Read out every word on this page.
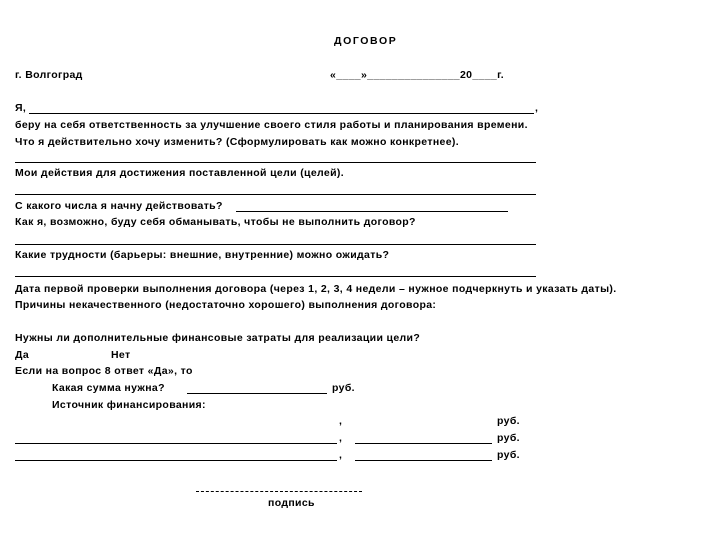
ДОГОВОР
г. Волгоград	«____»_______________20____г.
Я,	,
беру на себя ответственность за улучшение своего стиля работы и планирования времени.
Что я действительно хочу изменить? (Сформулировать как можно конкретнее).
Мои действия для достижения поставленной цели (целей).
С какого числа я начну действовать?
Как я, возможно, буду себя обманывать, чтобы не выполнить договор?
Какие трудности (барьеры: внешние, внутренние) можно ожидать?
Дата первой проверки выполнения договора (через 1, 2, 3, 4 недели – нужное подчеркнуть и указать даты).
Причины некачественного (недостаточно хорошего) выполнения договора:
Нужны ли дополнительные финансовые затраты для реализации цели?
Да	Нет
Если на вопрос 8 ответ «Да», то
Какая сумма нужна?	руб.
Источник финансирования:
,	руб.
,	руб.
,	руб.
подпись
